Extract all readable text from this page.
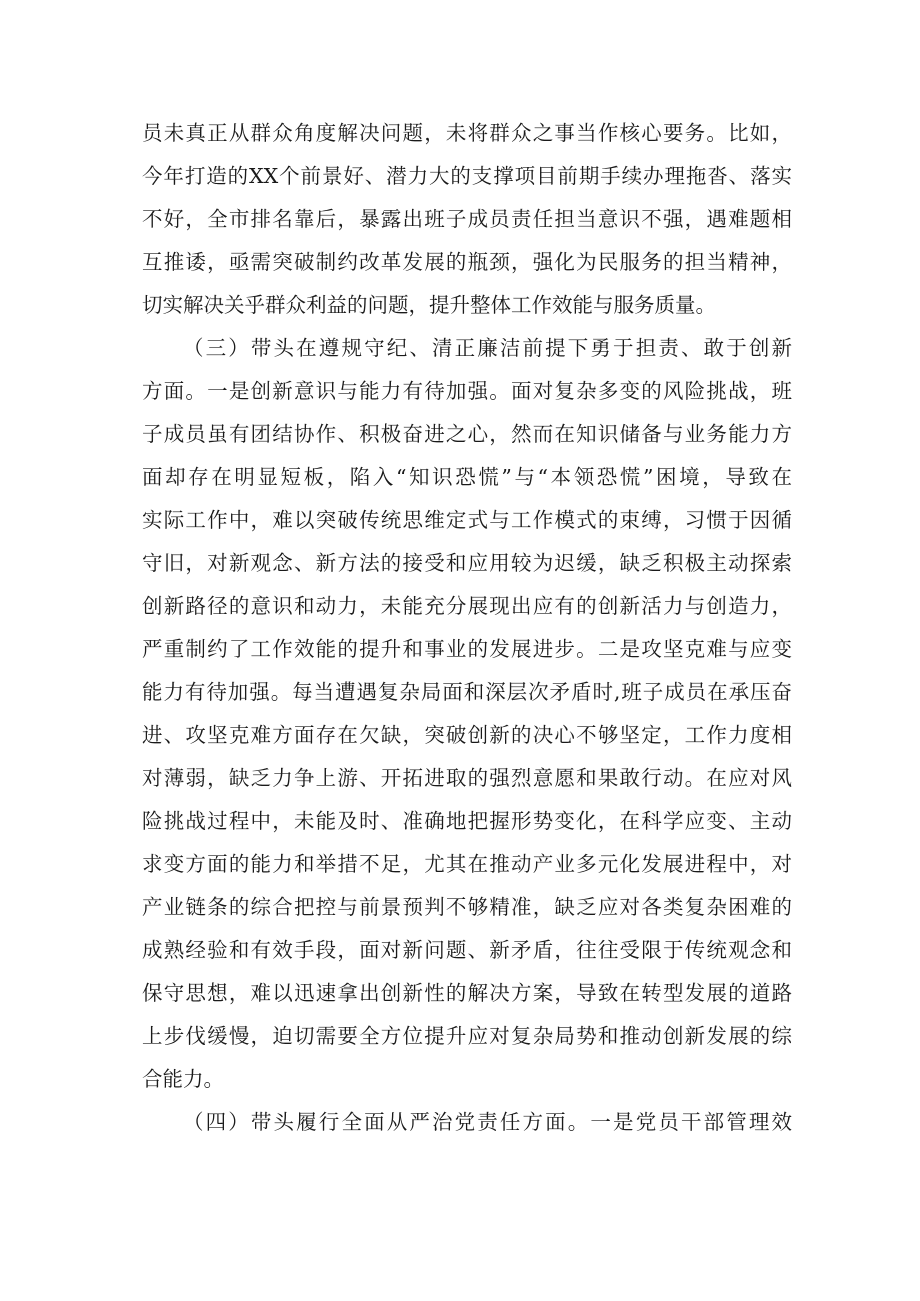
员未真正从群众角度解决问题，未将群众之事当作核心要务。比如，
今年打造的XX个前景好、潜力大的支撑项目前期手续办理拖沓、落实
不好，全市排名靠后，暴露出班子成员责任担当意识不强，遇难题相
互推诿，亟需突破制约改革发展的瓶颈，强化为民服务的担当精神，
切实解决关乎群众利益的问题，提升整体工作效能与服务质量。
（三）带头在遵规守纪、清正廉洁前提下勇于担责、敢于创新
方面。一是创新意识与能力有待加强。面对复杂多变的风险挑战，班
子成员虽有团结协作、积极奋进之心，然而在知识储备与业务能力方
面却存在明显短板，陷入“知识恐慌”与“本领恐慌”困境，导致在
实际工作中，难以突破传统思维定式与工作模式的束缚，习惯于因循
守旧，对新观念、新方法的接受和应用较为迟缓，缺乏积极主动探索
创新路径的意识和动力，未能充分展现出应有的创新活力与创造力，
严重制约了工作效能的提升和事业的发展进步。二是攻坚克难与应变
能力有待加强。每当遭遇复杂局面和深层次矛盾时,班子成员在承压奋
进、攻坚克难方面存在欠缺，突破创新的决心不够坚定，工作力度相
对薄弱，缺乏力争上游、开拓进取的强烈意愿和果敢行动。在应对风
险挑战过程中，未能及时、准确地把握形势变化，在科学应变、主动
求变方面的能力和举措不足，尤其在推动产业多元化发展进程中，对
产业链条的综合把控与前景预判不够精准，缺乏应对各类复杂困难的
成熟经验和有效手段，面对新问题、新矛盾，往往受限于传统观念和
保守思想，难以迅速拿出创新性的解决方案，导致在转型发展的道路
上步伐缓慢，迫切需要全方位提升应对复杂局势和推动创新发展的综
合能力。
（四）带头履行全面从严治党责任方面。一是党员干部管理效
